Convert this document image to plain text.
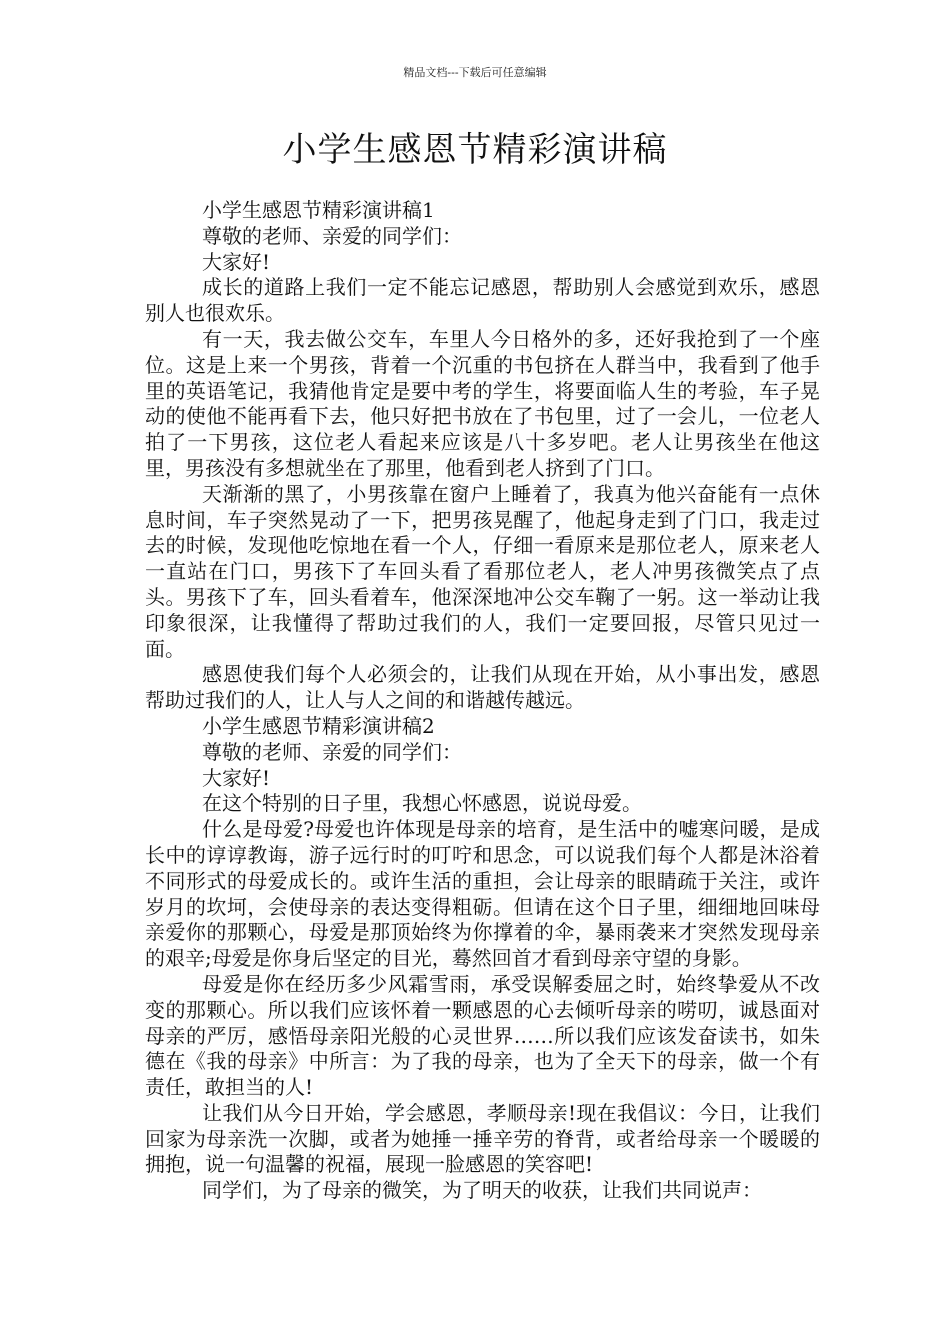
精品文档---下载后可任意编辑
小学生感恩节精彩演讲稿

小学生感恩节精彩演讲稿1

尊敬的老师、亲爱的同学们：

大家好!

成长的道路上我们一定不能忘记感恩，帮助别人会感觉到欢乐，感恩别人也很欢乐。

有一天，我去做公交车，车里人今日格外的多，还好我抢到了一个座位。这是上来一个男孩，背着一个沉重的书包挤在人群当中，我看到了他手里的英语笔记，我猜他肯定是要中考的学生，将要面临人生的考验，车子晃动的使他不能再看下去，他只好把书放在了书包里，过了一会儿，一位老人拍了一下男孩，这位老人看起来应该是八十多岁吧。老人让男孩坐在他这里，男孩没有多想就坐在了那里，他看到老人挤到了门口。

天渐渐的黑了，小男孩靠在窗户上睡着了，我真为他兴奋能有一点休息时间，车子突然晃动了一下，把男孩晃醒了，他起身走到了门口，我走过去的时候，发现他吃惊地在看一个人，仔细一看原来是那位老人，原来老人一直站在门口，男孩下了车回头看了看那位老人，老人冲男孩微笑点了点头。男孩下了车，回头看着车，他深深地冲公交车鞠了一躬。这一举动让我印象很深，让我懂得了帮助过我们的人，我们一定要回报，尽管只见过一面。

感恩使我们每个人必须会的，让我们从现在开始，从小事出发，感恩帮助过我们的人，让人与人之间的和谐越传越远。

小学生感恩节精彩演讲稿2

尊敬的老师、亲爱的同学们：

大家好!

在这个特别的日子里，我想心怀感恩，说说母爱。

什么是母爱?母爱也许体现是母亲的培育，是生活中的嘘寒问暖，是成长中的谆谆教诲，游子远行时的叮咛和思念，可以说我们每个人都是沐浴着不同形式的母爱成长的。或许生活的重担，会让母亲的眼睛疏于关注，或许岁月的坎坷，会使母亲的表达变得粗砺。但请在这个日子里，细细地回味母亲爱你的那颗心，母爱是那顶始终为你撑着的伞，暴雨袭来才突然发现母亲的艰辛;母爱是你身后坚定的目光，蓦然回首才看到母亲守望的身影。

母爱是你在经历多少风霜雪雨，承受误解委屈之时，始终挚爱从不改变的那颗心。所以我们应该怀着一颗感恩的心去倾听母亲的唠叨，诚恳面对母亲的严厉，感悟母亲阳光般的心灵世界……所以我们应该发奋读书，如朱德在《我的母亲》中所言：为了我的母亲，也为了全天下的母亲，做一个有责任，敢担当的人!

让我们从今日开始，学会感恩，孝顺母亲!现在我倡议：今日，让我们回家为母亲洗一次脚，或者为她捶一捶辛劳的脊背，或者给母亲一个暖暖的拥抱，说一句温馨的祝福，展现一脸感恩的笑容吧!

同学们，为了母亲的微笑，为了明天的收获，让我们共同说声：
